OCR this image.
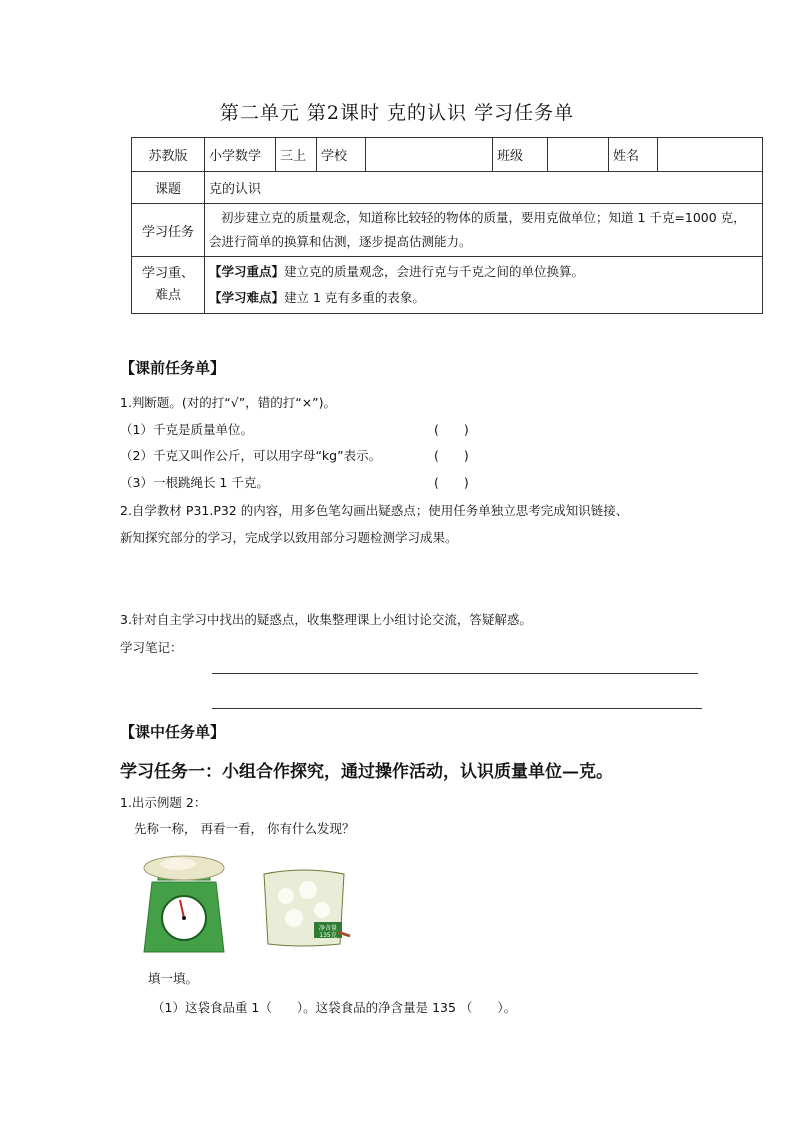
第二单元 第2课时 克的认识 学习任务单
苏教版	小学数学	三上	学校		班级		姓名	
课题	克的认识							
学习任务	初步建立克的质量观念，知道称比较轻的物体的质量，要用克做单位；知道 1 千克=1000 克，会进行简单的换算和估测，逐步提高估测能力。							
学习重、难点	【学习重点】建立克的质量观念，会进行克与千克之间的单位换算。
【学习难点】建立 1 克有多重的表象。							
【课前任务单】
1.判断题。(对的打“√”，错的打“×”)。
（1）千克是质量单位。	(　　)
（2）千克又叫作公斤，可以用字母“kg”表示。	(　　)
（3）一根跳绳长 1 千克。	(　　)
2.自学教材 P31.P32 的内容，用多色笔勾画出疑惑点；使用任务单独立思考完成知识链接、
新知探究部分的学习，完成学以致用部分习题检测学习成果。
3.针对自主学习中找出的疑惑点，收集整理课上小组讨论交流，答疑解惑。
学习笔记：
【课中任务单】
学习任务一：小组合作探究，通过操作活动，认识质量单位—克。
1.出示例题 2：
先称一称， 再看一看， 你有什么发现？
净含量
135克
填一填。
（1）这袋食品重 1（　　）。这袋食品的净含量是 135 （　　）。
